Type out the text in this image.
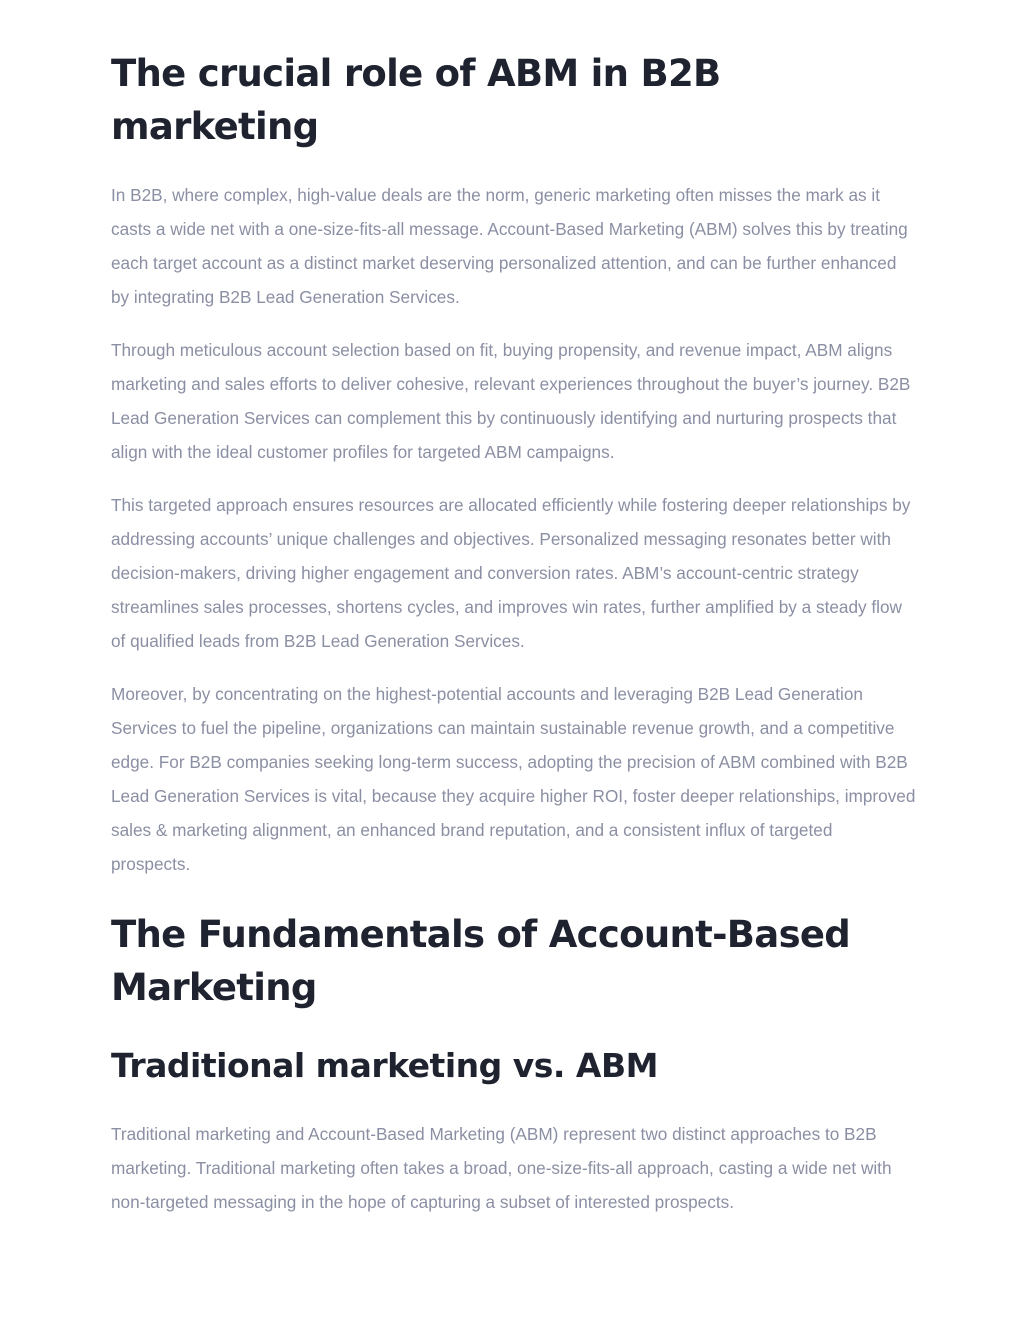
The crucial role of ABM in B2B marketing

In B2B, where complex, high-value deals are the norm, generic marketing often misses the mark as it casts a wide net with a one-size-fits-all message. Account-Based Marketing (ABM) solves this by treating each target account as a distinct market deserving personalized attention, and can be further enhanced by integrating B2B Lead Generation Services.

Through meticulous account selection based on fit, buying propensity, and revenue impact, ABM aligns marketing and sales efforts to deliver cohesive, relevant experiences throughout the buyer’s journey. B2B Lead Generation Services can complement this by continuously identifying and nurturing prospects that align with the ideal customer profiles for targeted ABM campaigns.

This targeted approach ensures resources are allocated efficiently while fostering deeper relationships by addressing accounts’ unique challenges and objectives. Personalized messaging resonates better with decision-makers, driving higher engagement and conversion rates. ABM’s account-centric strategy streamlines sales processes, shortens cycles, and improves win rates, further amplified by a steady flow of qualified leads from B2B Lead Generation Services.

Moreover, by concentrating on the highest-potential accounts and leveraging B2B Lead Generation Services to fuel the pipeline, organizations can maintain sustainable revenue growth, and a competitive edge. For B2B companies seeking long-term success, adopting the precision of ABM combined with B2B Lead Generation Services is vital, because they acquire higher ROI, foster deeper relationships, improved sales & marketing alignment, an enhanced brand reputation, and a consistent influx of targeted prospects.

The Fundamentals of Account-Based Marketing
Traditional marketing vs. ABM

Traditional marketing and Account-Based Marketing (ABM) represent two distinct approaches to B2B marketing. Traditional marketing often takes a broad, one-size-fits-all approach, casting a wide net with non-targeted messaging in the hope of capturing a subset of interested prospects.
